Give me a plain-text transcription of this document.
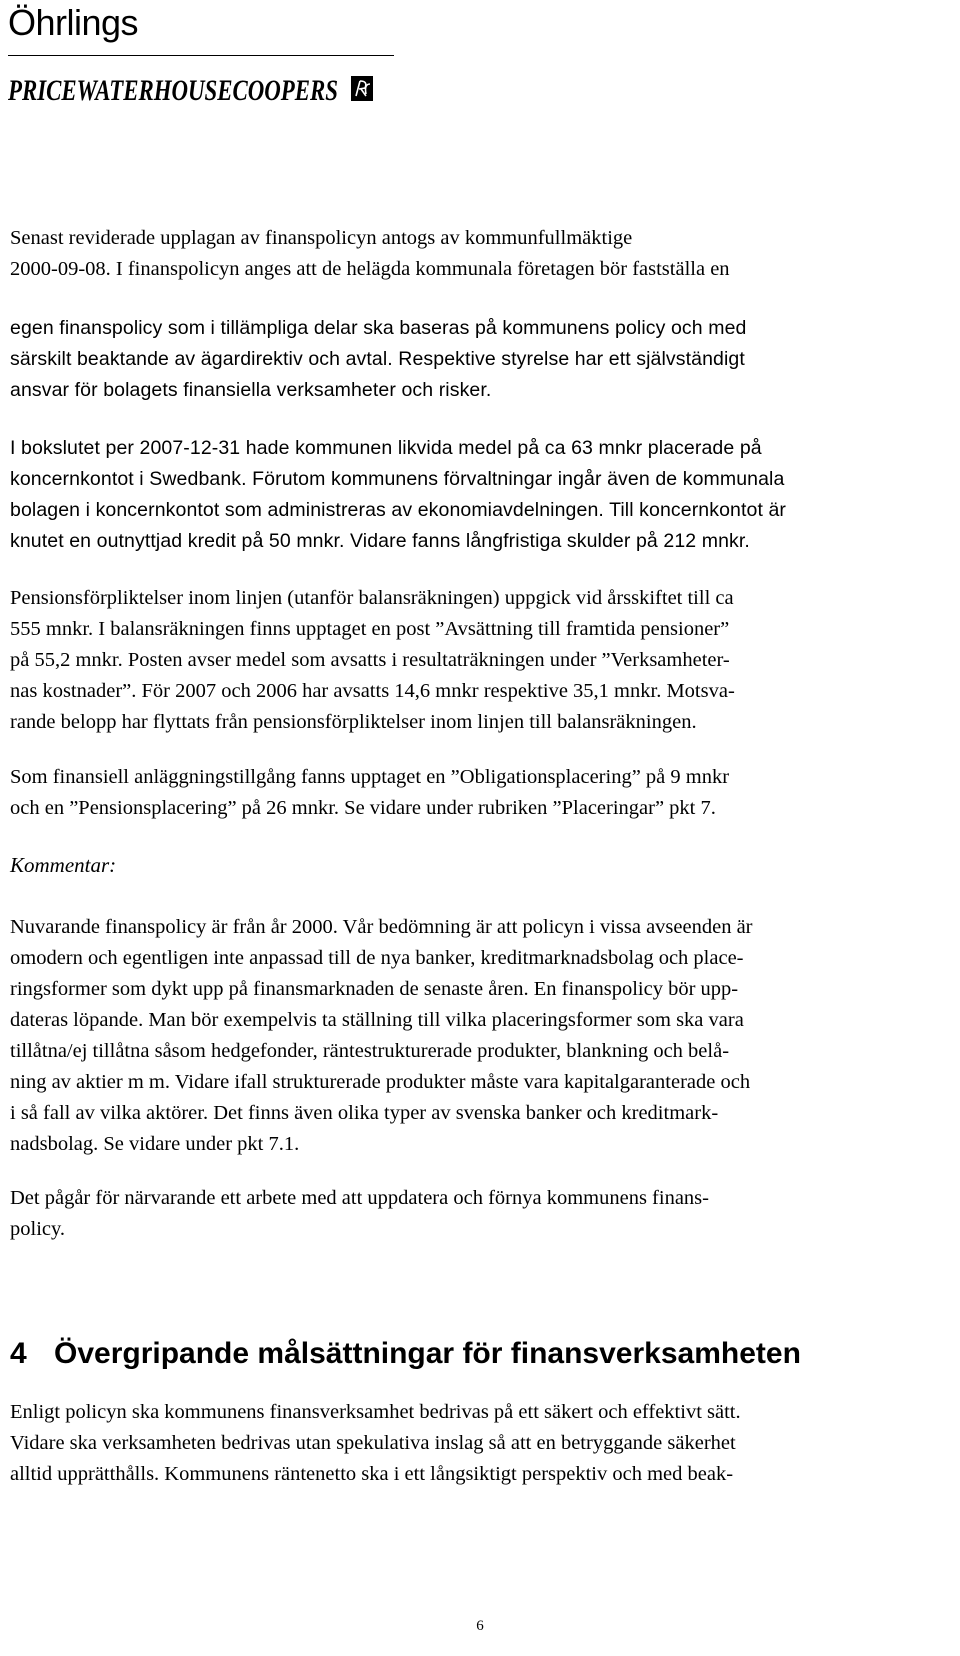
Öhrlings
PRICEWATERHOUSECOOPERS

Senast reviderade upplagan av finanspolicyn antogs av kommunfullmäktige
2000-09-08. I finanspolicyn anges att de helägda kommunala företagen bör fastställa en

egen finanspolicy som i tillämpliga delar ska baseras på kommunens policy och med
särskilt beaktande av ägardirektiv och avtal. Respektive styrelse har ett självständigt
ansvar för bolagets finansiella verksamheter och risker.

I bokslutet per 2007-12-31 hade kommunen likvida medel på ca 63 mnkr placerade på
koncernkontot i Swedbank. Förutom kommunens förvaltningar ingår även de kommunala
bolagen i koncernkontot som administreras av ekonomiavdelningen. Till koncernkontot är
knutet en outnyttjad kredit på 50 mnkr. Vidare fanns långfristiga skulder på 212 mnkr.

Pensionsförpliktelser inom linjen (utanför balansräkningen) uppgick vid årsskiftet till ca
555 mnkr. I balansräkningen finns upptaget en post ”Avsättning till framtida pensioner”
på 55,2 mnkr. Posten avser medel som avsatts i resultaträkningen under ”Verksamheter-
nas kostnader”. För 2007 och 2006 har avsatts 14,6 mnkr respektive 35,1 mnkr. Motsva-
rande belopp har flyttats från pensionsförpliktelser inom linjen till balansräkningen.

Som finansiell anläggningstillgång fanns upptaget en ”Obligationsplacering” på 9 mnkr
och en ”Pensionsplacering” på 26 mnkr. Se vidare under rubriken ”Placeringar” pkt 7.

Kommentar:

Nuvarande finanspolicy är från år 2000. Vår bedömning är att policyn i vissa avseenden är
omodern och egentligen inte anpassad till de nya banker, kreditmarknadsbolag och place-
ringsformer som dykt upp på finansmarknaden de senaste åren. En finanspolicy bör upp-
dateras löpande. Man bör exempelvis ta ställning till vilka placeringsformer som ska vara
tillåtna/ej tillåtna såsom hedgefonder, räntestrukturerade produkter, blankning och belå-
ning av aktier m m. Vidare ifall strukturerade produkter måste vara kapitalgaranterade och
i så fall av vilka aktörer. Det finns även olika typer av svenska banker och kreditmark-
nadsbolag. Se vidare under pkt 7.1.

Det pågår för närvarande ett arbete med att uppdatera och förnya kommunens finans-
policy.

4 Övergripande målsättningar för finansverksamheten

Enligt policyn ska kommunens finansverksamhet bedrivas på ett säkert och effektivt sätt.
Vidare ska verksamheten bedrivas utan spekulativa inslag så att en betryggande säkerhet
alltid upprätthålls. Kommunens räntenetto ska i ett långsiktigt perspektiv och med beak-

6
